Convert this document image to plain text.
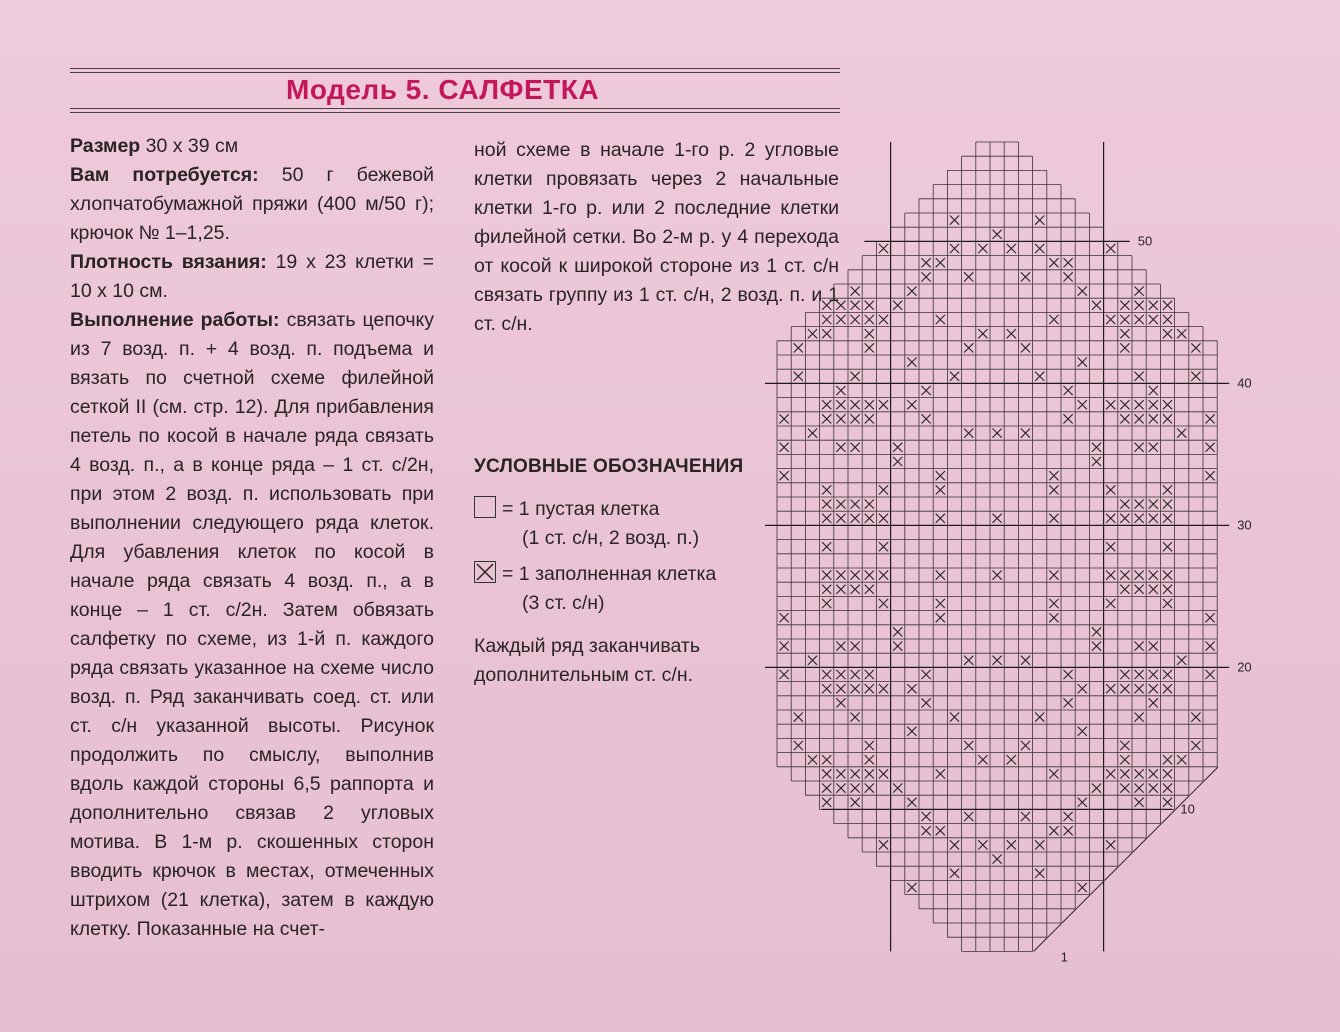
Модель 5. САЛФЕТКА

Размер 30 х 39 см

Вам потребуется: 50 г бежевой хлопчатобумажной пряжи (400 м/50 г); крючок № 1–1,25.

Плотность вязания: 19 х 23 клетки = 10 х 10 см.

Выполнение работы: связать цепочку из 7 возд. п. + 4 возд. п. подъема и вязать по счетной схеме филейной сеткой II (см. стр. 12). Для прибавления петель по косой в начале ряда связать 4 возд. п., а в конце ряда – 1 ст. с/2н, при этом 2 возд. п. использовать при выполнении следующего ряда клеток. Для убавления клеток по косой в начале ряда связать 4 возд. п., а в конце – 1 ст. с/2н. Затем обвязать салфетку по схеме, из 1-й п. каждого ряда связать указанное на схеме число возд. п. Ряд заканчивать соед. ст. или ст. с/н указанной высоты. Рисунок продолжить по смыслу, выполнив вдоль каждой стороны 6,5 раппорта и дополнительно связав 2 угловых мотива. В 1-м р. скошенных сторон вводить крючок в местах, отмеченных штрихом (21 клетка), затем в каждую клетку. Показанные на счет-

ной схеме в начале 1-го р. 2 угловые клетки провязать через 2 начальные клетки 1-го р. или 2 последние клетки филейной сетки. Во 2-м р. у 4 перехода от косой к широкой стороне из 1 ст. с/н связать группу из 1 ст. с/н, 2 возд. п. и 1 ст. с/н.

УСЛОВНЫЕ ОБОЗНАЧЕНИЯ
= 1 пустая клетка
(1 ст. с/н, 2 возд. п.)
= 1 заполненная клетка
(3 ст. с/н)
Каждый ряд заканчивать дополнительным ст. с/н.
1
10
20
30
40
50
